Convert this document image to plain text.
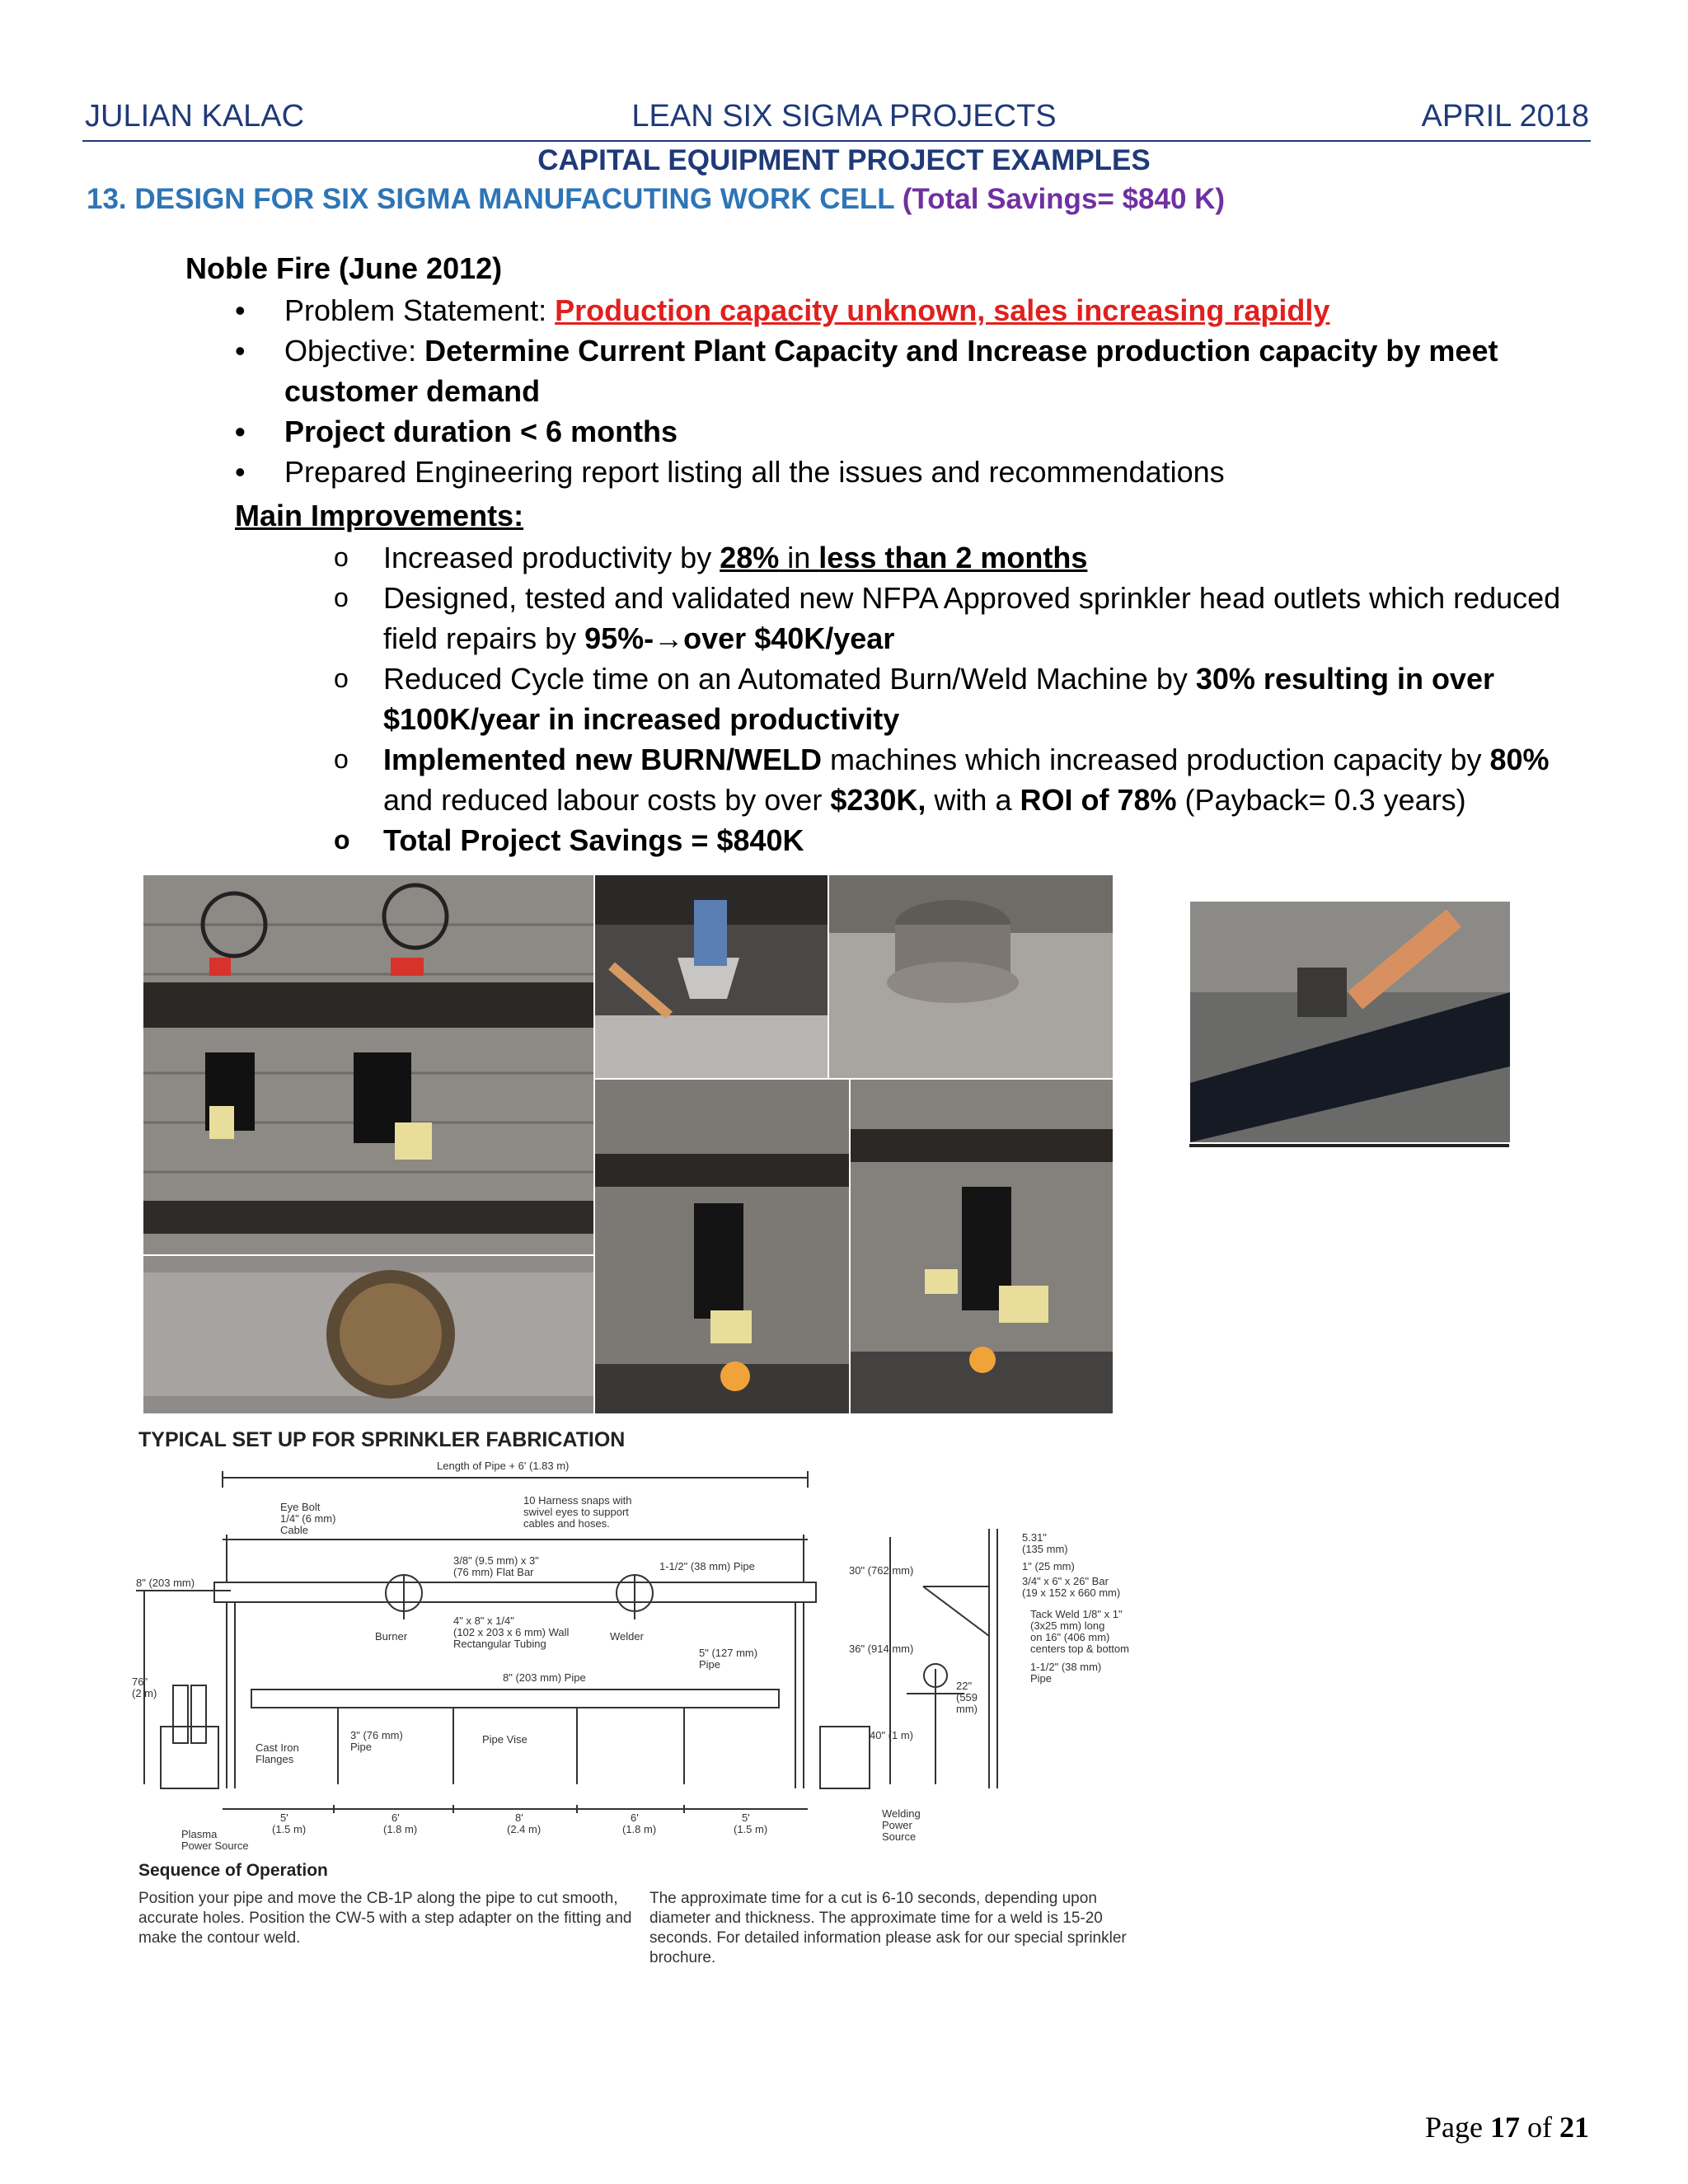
JULIAN KALAC	LEAN SIX SIGMA PROJECTS	APRIL 2018
CAPITAL EQUIPMENT PROJECT EXAMPLES
13. DESIGN FOR SIX SIGMA MANUFACUTING WORK CELL (Total Savings= $840 K)
Noble Fire (June 2012)
• Problem Statement: Production capacity unknown, sales increasing rapidly
• Objective: Determine Current Plant Capacity and Increase production capacity by meet customer demand
• Project duration < 6 months
• Prepared Engineering report listing all the issues and recommendations
Main Improvements:
o Increased productivity by 28% in less than 2 months
o Designed, tested and validated new NFPA Approved sprinkler head outlets which reduced field repairs by 95%-→over $40K/year
o Reduced Cycle time on an Automated Burn/Weld Machine by 30% resulting in over $100K/year in increased productivity
o Implemented new BURN/WELD machines which increased production capacity by 80% and reduced labour costs by over $230K, with a ROI of 78% (Payback= 0.3 years)
o Total Project Savings = $840K
TYPICAL SET UP FOR SPRINKLER FABRICATION
Length of Pipe + 6' (1.83 m)
Eye Bolt
1/4" (6 mm)
Cable
10 Harness snaps with
swivel eyes to support
cables and hoses.
3/8" (9.5 mm) x 3"
(76 mm) Flat Bar	1-1/2" (38 mm) Pipe
8" (203 mm)
Burner
4" x 8" x 1/4"
(102 x 203 x 6 mm) Wall
Rectangular Tubing
Welder
5" (127 mm)
Pipe
8" (203 mm) Pipe
76"
(2 m)
Cast Iron
Flanges
3" (76 mm)
Pipe
Pipe Vise
Plasma
Power Source
5'
(1.5 m)
6'
(1.8 m)
8'
(2.4 m)
6'
(1.8 m)
5'
(1.5 m)
30" (762 mm)
36" (914 mm)
40" (1 m)
22"
(559
mm)
5.31"
(135 mm)
1" (25 mm)
3/4" x 6" x 26" Bar
(19 x 152 x 660 mm)
Tack Weld 1/8" x 1"
(3x25 mm) long
on 16" (406 mm)
centers top & bottom
1-1/2" (38 mm)
Pipe
Welding
Power
Source
Sequence of Operation
Position your pipe and move the CB-1P along the pipe to cut smooth, accurate holes. Position the CW-5 with a step adapter on the fitting and make the contour weld.
The approximate time for a cut is 6-10 seconds, depending upon diameter and thickness. The approximate time for a weld is 15-20 seconds. For detailed information please ask for our special sprinkler brochure.
Page 17 of 21
